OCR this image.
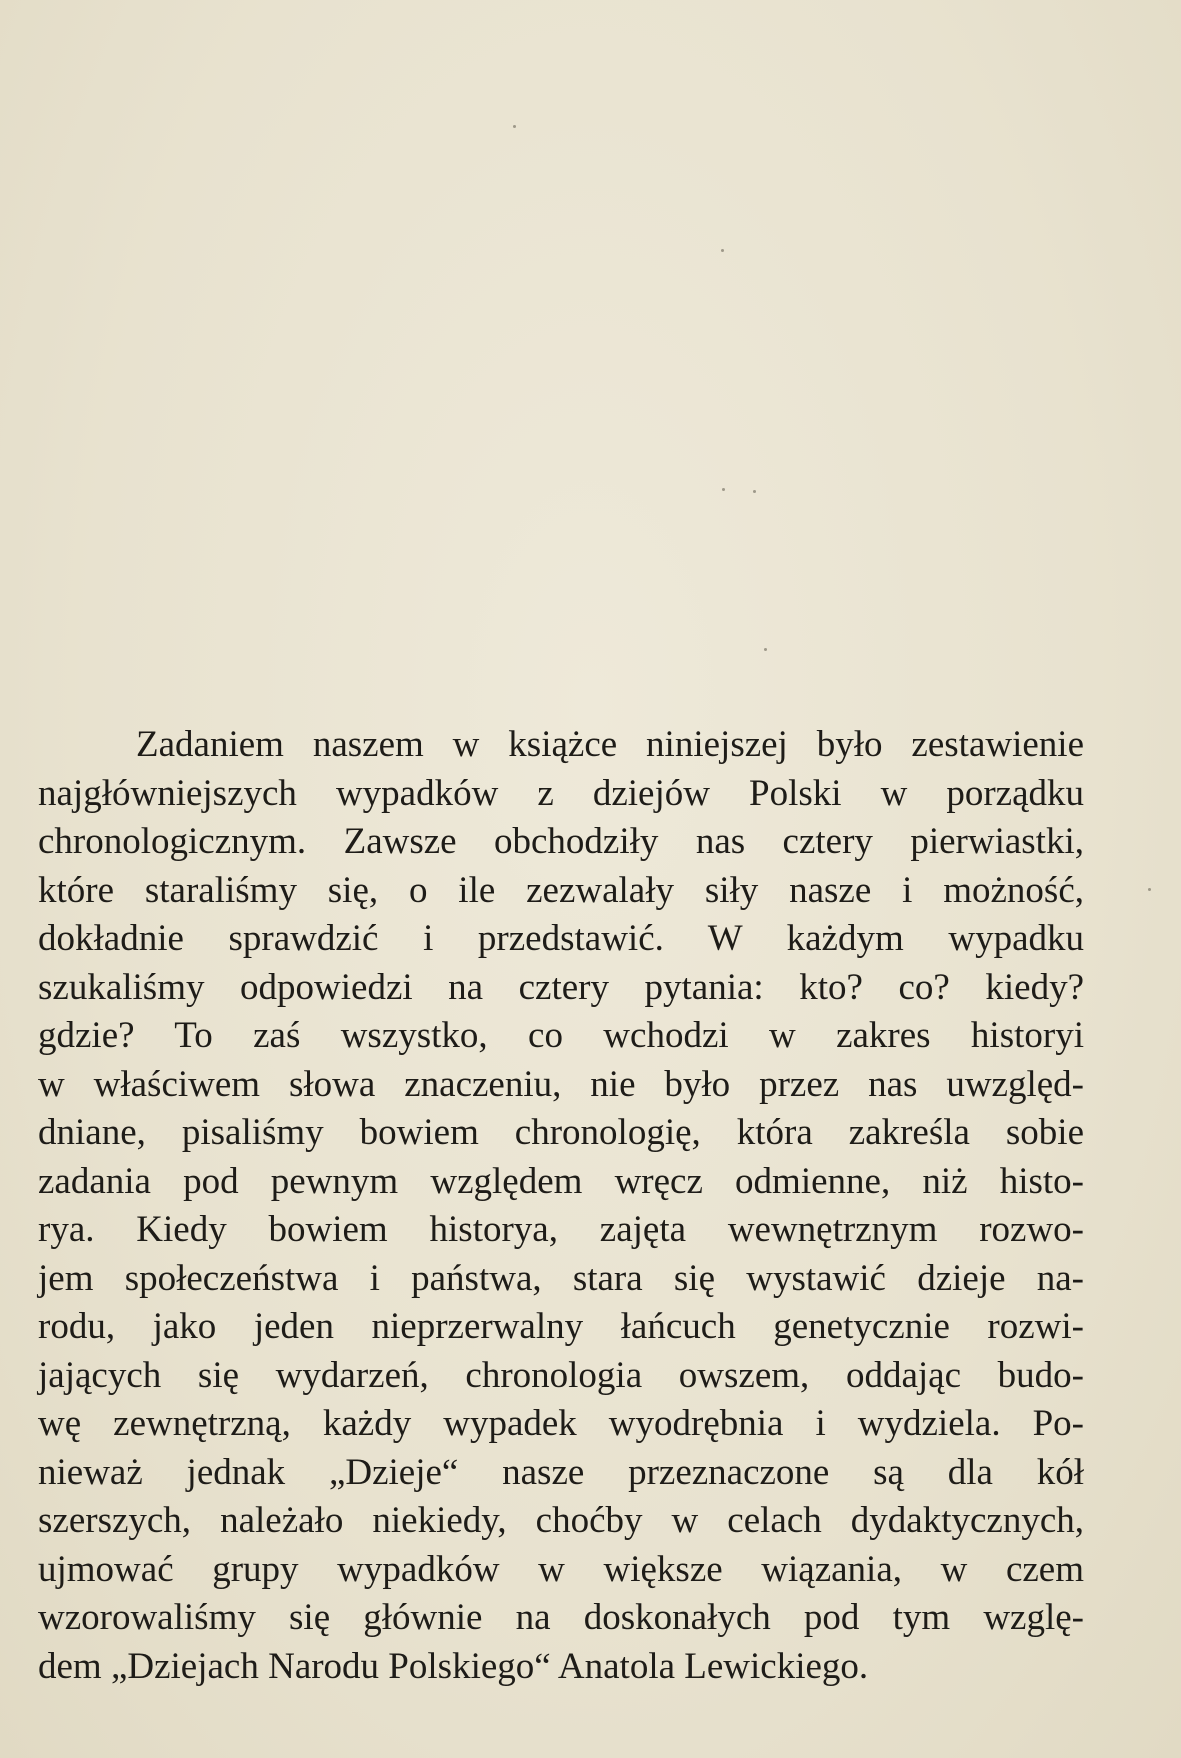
Zadaniem naszem w książce niniejszej było zestawienie
najgłówniejszych wypadków z dziejów Polski w porządku
chronologicznym. Zawsze obchodziły nas cztery pierwiastki,
które staraliśmy się, o ile zezwalały siły nasze i możność,
dokładnie sprawdzić i przedstawić. W każdym wypadku
szukaliśmy odpowiedzi na cztery pytania: kto? co? kiedy?
gdzie? To zaś wszystko, co wchodzi w zakres historyi
w właściwem słowa znaczeniu, nie było przez nas uwzględ-
dniane, pisaliśmy bowiem chronologię, która zakreśla sobie
zadania pod pewnym względem wręcz odmienne, niż histo-
rya. Kiedy bowiem historya, zajęta wewnętrznym rozwo-
jem społeczeństwa i państwa, stara się wystawić dzieje na-
rodu, jako jeden nieprzerwalny łańcuch genetycznie rozwi-
jających się wydarzeń, chronologia owszem, oddając budo-
wę zewnętrzną, każdy wypadek wyodrębnia i wydziela. Po-
nieważ jednak „Dzieje“ nasze przeznaczone są dla kół
szerszych, należało niekiedy, choćby w celach dydaktycznych,
ujmować grupy wypadków w większe wiązania, w czem
wzorowaliśmy się głównie na doskonałych pod tym wzglę-
dem „Dziejach Narodu Polskiego“ Anatola Lewickiego.
